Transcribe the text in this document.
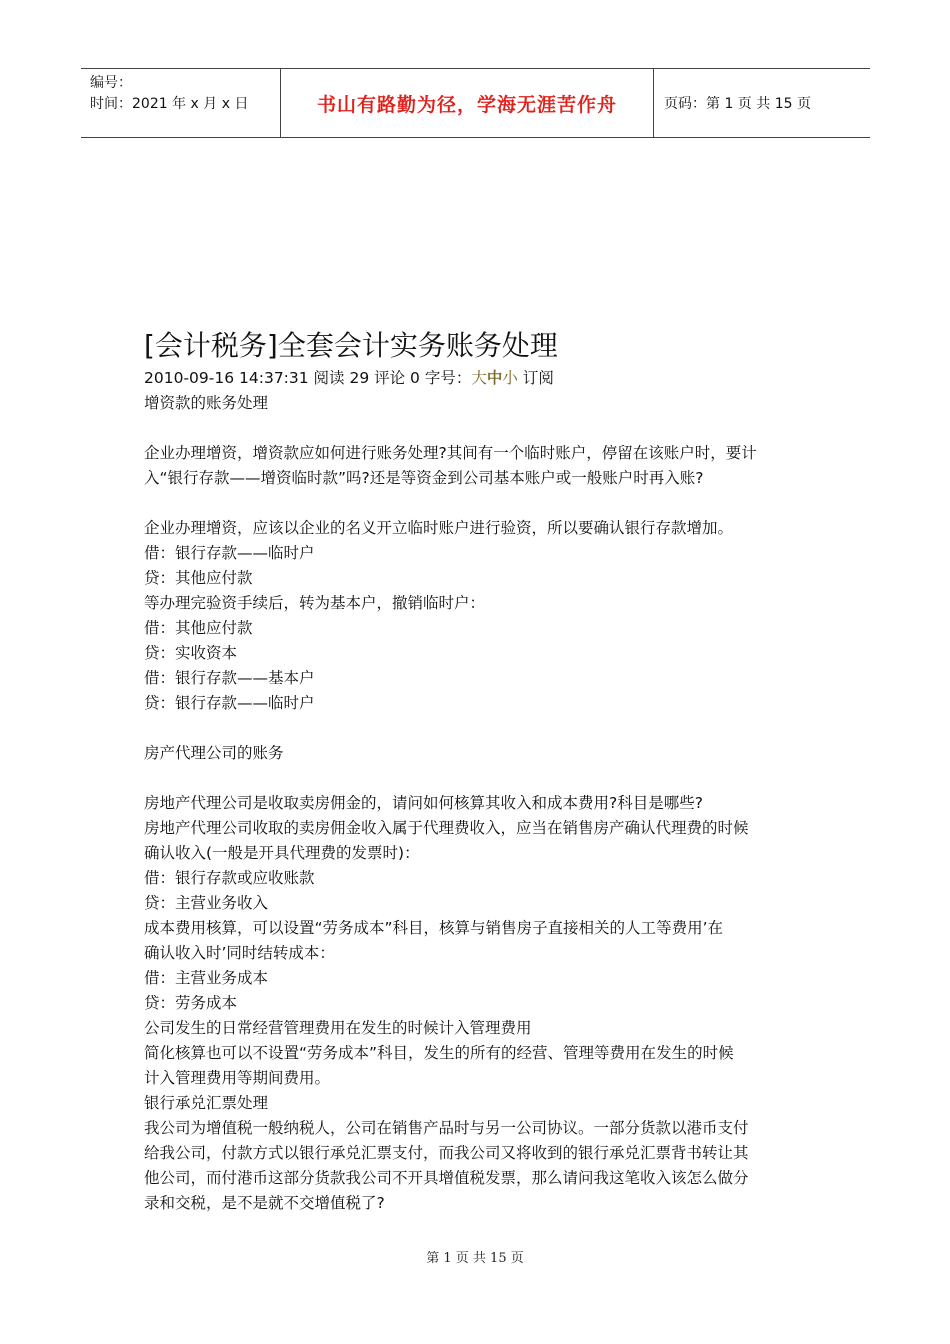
编号：
时间：2021 年 x 月 x 日	书山有路勤为径，学海无涯苦作舟	页码：第 1 页 共 15 页
[会计税务]全套会计实务账务处理
2010-09-16 14:37:31 阅读 29 评论 0 字号：大中小 订阅
增资款的账务处理
企业办理增资，增资款应如何进行账务处理?其间有一个临时账户，停留在该账户时，要计
入“银行存款——增资临时款”吗?还是等资金到公司基本账户或一般账户时再入账?
企业办理增资，应该以企业的名义开立临时账户进行验资，所以要确认银行存款增加。
借：银行存款——临时户
贷：其他应付款
等办理完验资手续后，转为基本户，撤销临时户：
借：其他应付款
贷：实收资本
借：银行存款——基本户
贷：银行存款——临时户
房产代理公司的账务
房地产代理公司是收取卖房佣金的，请问如何核算其收入和成本费用?科目是哪些?
房地产代理公司收取的卖房佣金收入属于代理费收入，应当在销售房产确认代理费的时候
确认收入(一般是开具代理费的发票时)：
借：银行存款或应收账款
贷：主营业务收入
成本费用核算，可以设置“劳务成本”科目，核算与销售房子直接相关的人工等费用’在
确认收入时’同时结转成本：
借：主营业务成本
贷：劳务成本
公司发生的日常经营管理费用在发生的时候计入管理费用
简化核算也可以不设置“劳务成本”科目，发生的所有的经营、管理等费用在发生的时候
计入管理费用等期间费用。
银行承兑汇票处理
我公司为增值税一般纳税人，公司在销售产品时与另一公司协议。一部分货款以港币支付
给我公司，付款方式以银行承兑汇票支付，而我公司又将收到的银行承兑汇票背书转让其
他公司，而付港币这部分货款我公司不开具增值税发票，那么请问我这笔收入该怎么做分
录和交税，是不是就不交增值税了?
第 1 页 共 15 页
